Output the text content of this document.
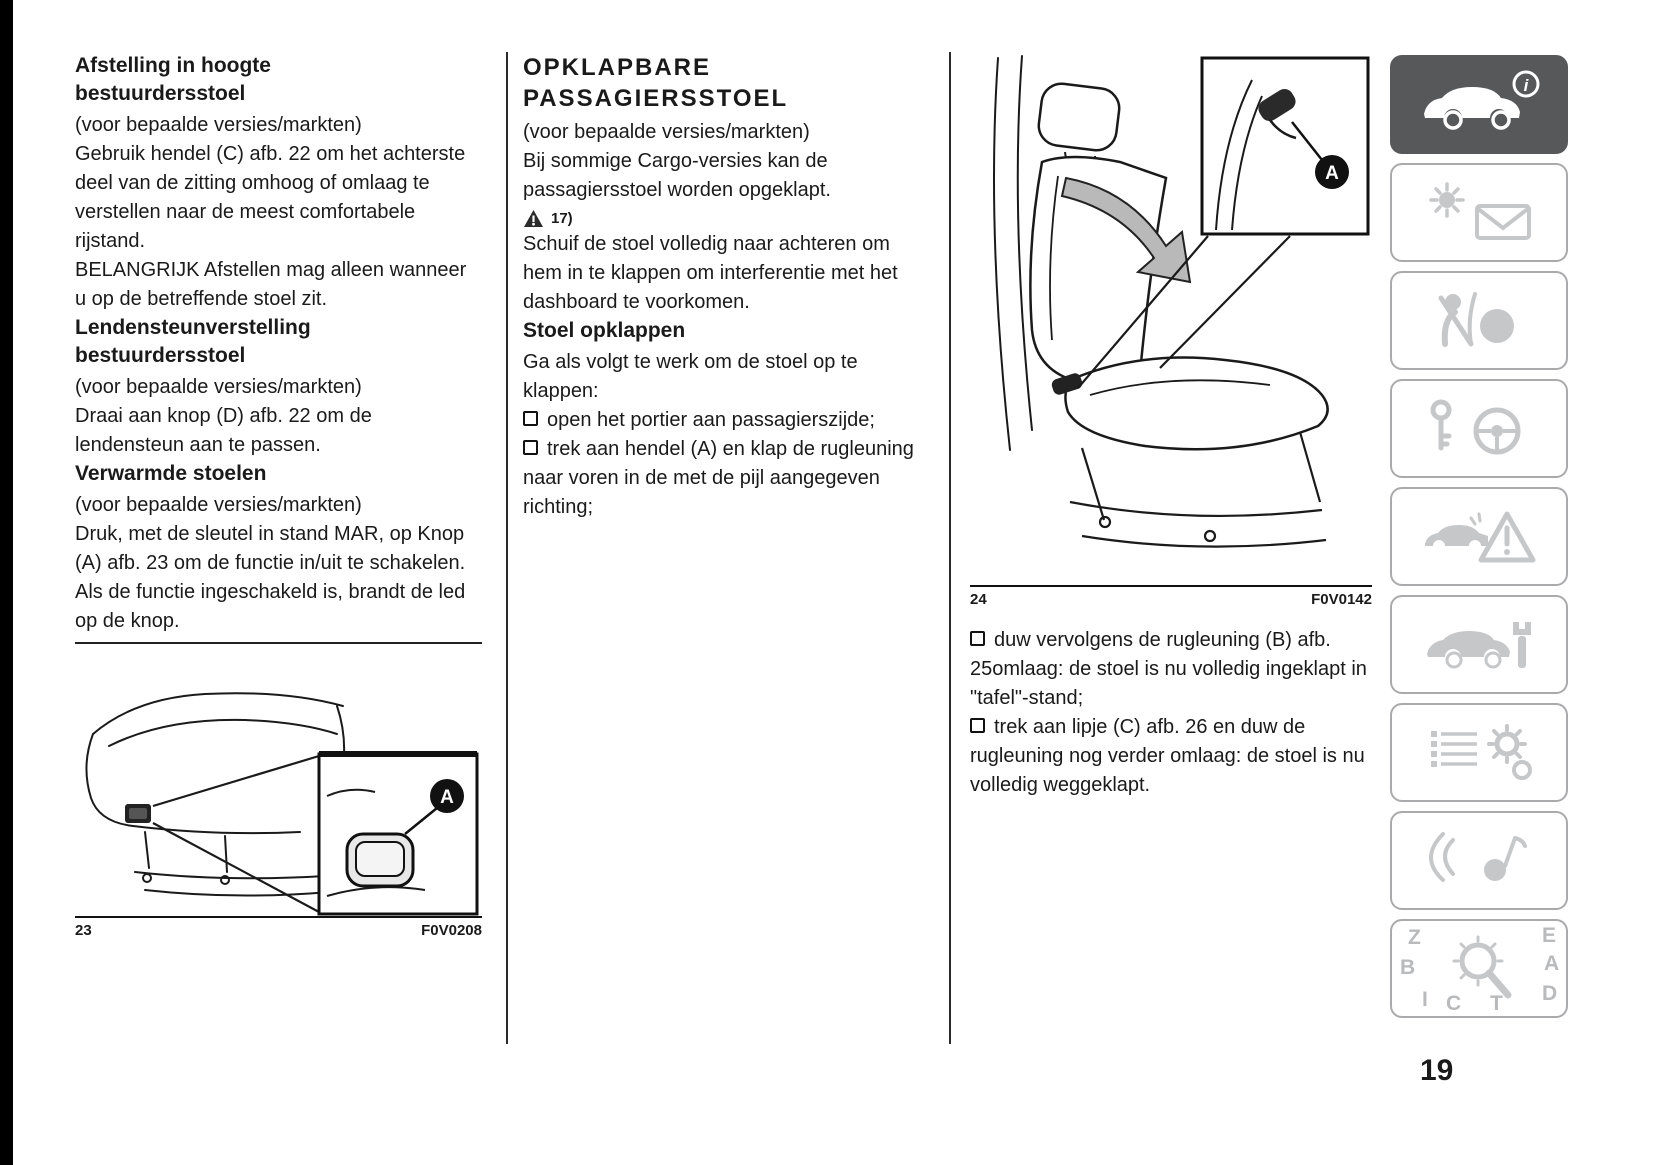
Afstelling in hoogte bestuurdersstoel

(voor bepaalde versies/markten)

Gebruik hendel (C) afb. 22 om het achterste deel van de zitting omhoog of omlaag te verstellen naar de meest comfortabele rijstand.

BELANGRIJK Afstellen mag alleen wanneer u op de betreffende stoel zit.

Lendensteunverstelling bestuurdersstoel

(voor bepaalde versies/markten)

Draai aan knop (D) afb. 22 om de lendensteun aan te passen.

Verwarmde stoelen

(voor bepaalde versies/markten)

Druk, met de sleutel in stand MAR, op Knop (A) afb. 23 om de functie in/uit te schakelen.

Als de functie ingeschakeld is, brandt de led op de knop.

A
23	F0V0208
OPKLAPBARE PASSAGIERSSTOEL

(voor bepaalde versies/markten)

Bij sommige Cargo-versies kan de passagiersstoel worden opgeklapt.

17)

Schuif de stoel volledig naar achteren om hem in te klappen om interferentie met het dashboard te voorkomen.

Stoel opklappen

Ga als volgt te werk om de stoel op te klappen:

open het portier aan passagierszijde;

trek aan hendel (A) en klap de rugleuning naar voren in de met de pijl aangegeven richting;

A
24	F0V0142

duw vervolgens de rugleuning (B) afb. 25omlaag: de stoel is nu volledig ingeklapt in "tafel"-stand;

trek aan lipje (C) afb. 26 en duw de rugleuning nog verder omlaag: de stoel is nu volledig weggeklapt.

i
Z	E
B	A
I C T D
19
